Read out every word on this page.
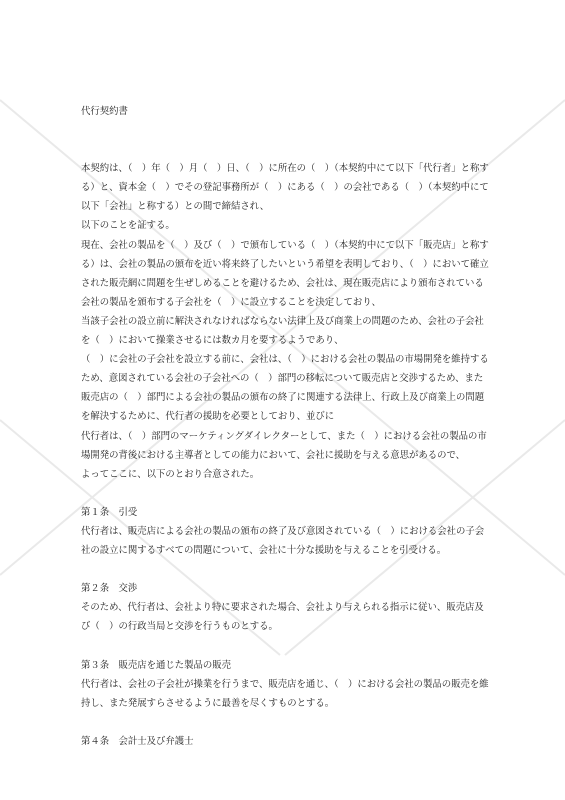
代行契約書

本契約は、（　）年（　）月（　）日、（　）に所在の（　）（本契約中にて以下「代行者」と称する）と、資本金（　）でその登記事務所が（　）にある（　）の会社である（　）（本契約中にて以下「会社」と称する）との間で締結され、

以下のことを証する。

現在、会社の製品を（　）及び（　）で頒布している（　）（本契約中にて以下「販売店」と称する）は、会社の製品の頒布を近い将来終了したいという希望を表明しており、（　）において確立された販売網に問題を生ぜしめることを避けるため、会社は、現在販売店により頒布されている会社の製品を頒布する子会社を（　）に設立することを決定しており、

当該子会社の設立前に解決されなければならない法律上及び商業上の問題のため、会社の子会社を（　）において操業させるには数カ月を要するようであり、

（　）に会社の子会社を設立する前に、会社は、（　）における会社の製品の市場開発を維持するため、意図されている会社の子会社への（　）部門の移転について販売店と交渉するため、また販売店の（　）部門による会社の製品の頒布の終了に関連する法律上、行政上及び商業上の問題を解決するために、代行者の援助を必要としており、並びに

代行者は、（　）部門のマーケティングダイレクターとして、また（　）における会社の製品の市場開発の背後における主導者としての能力において、会社に援助を与える意思があるので、

よってここに、以下のとおり合意された。

第１条　引受

代行者は、販売店による会社の製品の頒布の終了及び意図されている（　）における会社の子会社の設立に関するすべての問題について、会社に十分な援助を与えることを引受ける。

第２条　交渉

そのため、代行者は、会社より特に要求された場合、会社より与えられる指示に従い、販売店及び（　）の行政当局と交渉を行うものとする。

第３条　販売店を通じた製品の販売

代行者は、会社の子会社が操業を行うまで、販売店を通じ、（　）における会社の製品の販売を維持し、また発展すらさせるように最善を尽くすものとする。

第４条　会計士及び弁護士
